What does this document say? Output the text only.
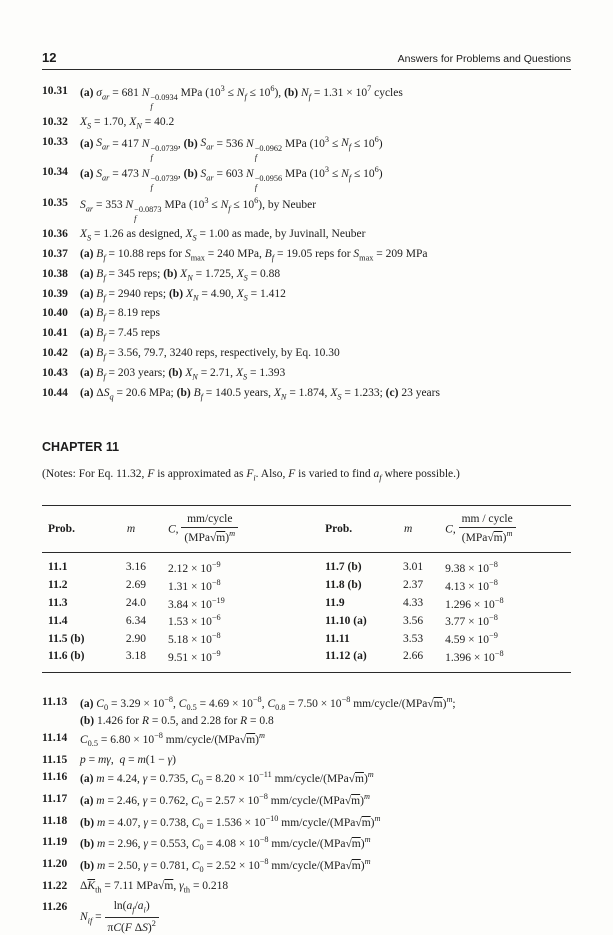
12	Answers for Problems and Questions
10.31	(a) $\sigma_{ar} = 681$ N −0.0934
f
MPa $(10^3 \le N_f \le 10^6)$, (b) $N_f = 1.31 \times 10^7$ cycles
10.32	$X_S = 1.70$, $X_N = 40.2$
10.33	(a) $S_{ar} = 417$ N −0.0739
f
, (b) $S_{ar} = 536$ N −0.0962
f
MPa $(10^3 \le N_f \le 10^6)$
10.34	(a) $S_{ar} = 473$ N −0.0739
f
, (b) $S_{ar} = 603$ N −0.0956
f
MPa $(10^3 \le N_f \le 10^6)$
10.35	$S_{ar} = 353$ N −0.0873
f
MPa $(10^3 \le N_f \le 10^6)$, by Neuber
10.36	$X_S = 1.26$ as designed, $X_S = 1.00$ as made, by Juvinall, Neuber
10.37	(a) $B_f = 10.88$ reps for $S_{max} = 240$ MPa, $B_f = 19.05$ reps for $S_{max} = 209$ MPa
10.38	(a) $B_f = 345$ reps; (b) $X_N = 1.725$, $X_S = 0.88$
10.39	(a) $B_f = 2940$ reps; (b) $X_N = 4.90$, $X_S = 1.412$
10.40	(a) $B_f = 8.19$ reps
10.41	(a) $B_f = 7.45$ reps
10.42	(a) $B_f = 3.56$, 79.7, 3240 reps, respectively, by Eq. 10.30
10.43	(a) $B_f = 203$ years; (b) $X_N = 2.71$, $X_S = 1.393$
10.44	(a) $\Delta S_q = 20.6$ MPa; (b) $B_f = 140.5$ years, $X_N = 1.874$, $X_S = 1.233$; (c) 23 years
CHAPTER 11

(Notes: For Eq. 11.32, F is approximated as $F_i$. Also, F is varied to find $a_f$ where possible.)

Prob.	m	C, $\frac{\text{mm/cycle}}{(MPa√m)^m}$		Prob.	m	C, $\frac{\text{mm / cycle}}{(MPa√m)^m}$

11.1	3.16	$2.12 \times 10^{-9}$		11.7 (b)	3.01	$9.38 \times 10^{-8}$
11.2	2.69	$1.31 \times 10^{-8}$		11.8 (b)	2.37	$4.13 \times 10^{-8}$
11.3	24.0	$3.84 \times 10^{-19}$		11.9	4.33	$1.296 \times 10^{-8}$
11.4	6.34	$1.53 \times 10^{-6}$		11.10 (a)	3.56	$3.77 \times 10^{-8}$
11.5 (b)	2.90	$5.18 \times 10^{-8}$		11.11	3.53	$4.59 \times 10^{-9}$
11.6 (b)	3.18	$9.51 \times 10^{-9}$		11.12 (a)	2.66	$1.396 \times 10^{-8}$
11.13	(a) $C_0 = 3.29 \times 10^{-8}$, $C_{0.5} = 4.69 \times 10^{-8}$, $C_{0.8} = 7.50 \times 10^{-8}$ $mm/cycle/(MPa√m)^m$;
(b) 1.426 for R = 0.5, and 2.28 for R = 0.8
11.14	$C_{0.5} = 6.80 \times 10^{-8}$ $mm/cycle/(MPa√m)^m$
11.15	p = mγ,  q = m(1 − γ)
11.16	(a) m = 4.24, γ = 0.735, $C_0 = 8.20 \times 10^{-11}$ $mm/cycle/(MPa√m)^m$
11.17	(a) m = 2.46, γ = 0.762, $C_0 = 2.57 \times 10^{-8}$ $mm/cycle/(MPa√m)^m$
11.18	(b) m = 4.07, γ = 0.738, $C_0 = 1.536 \times 10^{-10}$ $mm/cycle/(MPa√m)^m$
11.19	(b) m = 2.96, γ = 0.553, $C_0 = 4.08 \times 10^{-8}$ $mm/cycle/(MPa√m)^m$
11.20	(b) m = 2.50, γ = 0.781, $C_0 = 2.52 \times 10^{-8}$ $mm/cycle/(MPa√m)^m$
11.22	$\Delta\overline{K}_{th} = 7.11$ MPa√m, $\gamma_{th} = 0.218$
11.26
$N_{if} = \frac{\ln(a_f/a_i)}{\pi C(F \Delta S)^2}$
